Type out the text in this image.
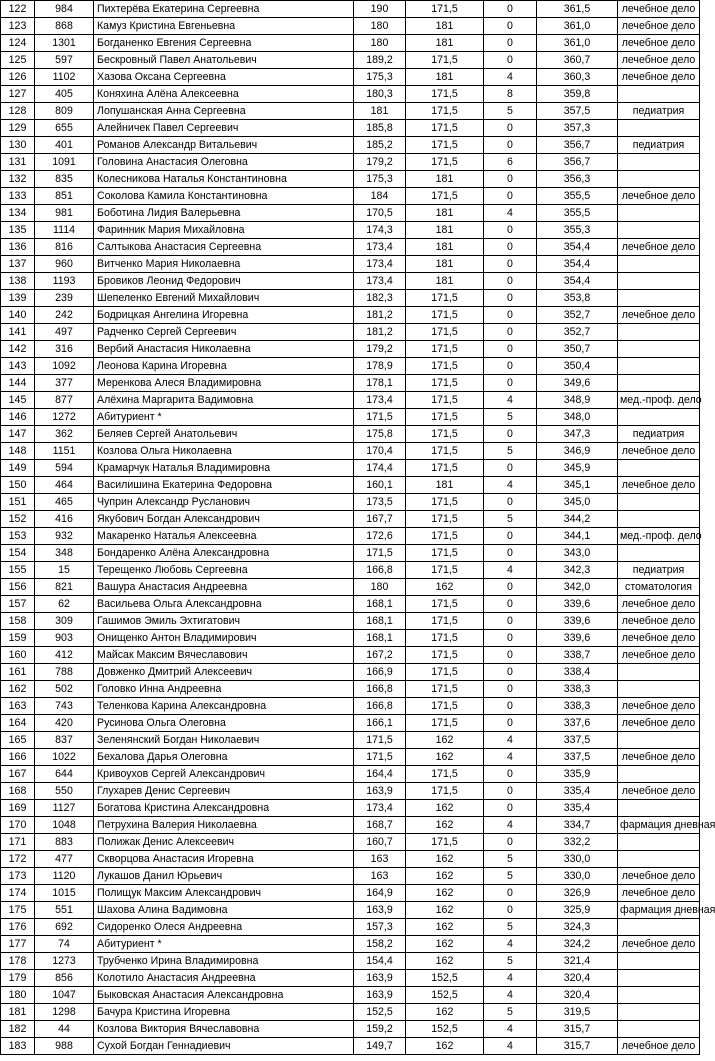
122	984	Пихтерёва Екатерина Сергеевна	190	171,5	0	361,5	лечебное дело
123	868	Камуз Кристина Евгеньевна	180	181	0	361,0	лечебное дело
124	1301	Богданенко Евгения Сергеевна	180	181	0	361,0	лечебное дело
125	597	Бескровный Павел Анатольевич	189,2	171,5	0	360,7	лечебное дело
126	1102	Хазова Оксана Сергеевна	175,3	181	4	360,3	лечебное дело
127	405	Коняхина Алёна Алексеевна	180,3	171,5	8	359,8	
128	809	Лопушанская Анна Сергеевна	181	171,5	5	357,5	педиатрия
129	655	Алейничек Павел Сергеевич	185,8	171,5	0	357,3	
130	401	Романов Александр Витальевич	185,2	171,5	0	356,7	педиатрия
131	1091	Головина Анастасия Олеговна	179,2	171,5	6	356,7	
132	835	Колесникова Наталья Константиновна	175,3	181	0	356,3	
133	851	Соколова Камила Константиновна	184	171,5	0	355,5	лечебное дело
134	981	Боботина Лидия Валерьевна	170,5	181	4	355,5	
135	1114	Фаринник Мария Михайловна	174,3	181	0	355,3	
136	816	Салтыкова Анастасия Сергеевна	173,4	181	0	354,4	лечебное дело
137	960	Витченко Мария Николаевна	173,4	181	0	354,4	
138	1193	Бровиков Леонид Федорович	173,4	181	0	354,4	
139	239	Шепеленко Евгений Михайлович	182,3	171,5	0	353,8	
140	242	Бодрицкая Ангелина Игоревна	181,2	171,5	0	352,7	лечебное дело
141	497	Радченко Сергей Сергеевич	181,2	171,5	0	352,7	
142	316	Вербий Анастасия Николаевна	179,2	171,5	0	350,7	
143	1092	Леонова Карина Игоревна	178,9	171,5	0	350,4	
144	377	Меренкова Алеся Владимировна	178,1	171,5	0	349,6	
145	877	Алёхина Маргарита Вадимовна	173,4	171,5	4	348,9	мед.-проф. дело
146	1272	Абитуриент *	171,5	171,5	5	348,0	
147	362	Беляев Сергей Анатольевич	175,8	171,5	0	347,3	педиатрия
148	1151	Козлова Ольга Николаевна	170,4	171,5	5	346,9	лечебное дело
149	594	Крамарчук Наталья Владимировна	174,4	171,5	0	345,9	
150	464	Василишина Екатерина Федоровна	160,1	181	4	345,1	лечебное дело
151	465	Чуприн Александр Русланович	173,5	171,5	0	345,0	
152	416	Якубович Богдан Александрович	167,7	171,5	5	344,2	
153	932	Макаренко Наталья Алексеевна	172,6	171,5	0	344,1	мед.-проф. дело
154	348	Бондаренко Алёна Александровна	171,5	171,5	0	343,0	
155	15	Терещенко Любовь Сергеевна	166,8	171,5	4	342,3	педиатрия
156	821	Вашура Анастасия Андреевна	180	162	0	342,0	стоматология
157	62	Васильева Ольга Александровна	168,1	171,5	0	339,6	лечебное дело
158	309	Гашимов Эмиль Эхтигатович	168,1	171,5	0	339,6	лечебное дело
159	903	Онищенко Антон Владимирович	168,1	171,5	0	339,6	лечебное дело
160	412	Майсак Максим Вячеславович	167,2	171,5	0	338,7	лечебное дело
161	788	Довженко Дмитрий Алексеевич	166,9	171,5	0	338,4	
162	502	Головко Инна Андреевна	166,8	171,5	0	338,3	
163	743	Теленкова Карина Александровна	166,8	171,5	0	338,3	лечебное дело
164	420	Русинова Ольга Олеговна	166,1	171,5	0	337,6	лечебное дело
165	837	Зеленянский Богдан Николаевич	171,5	162	4	337,5	
166	1022	Бехалова Дарья Олеговна	171,5	162	4	337,5	лечебное дело
167	644	Кривоухов Сергей Александрович	164,4	171,5	0	335,9	
168	550	Глухарев Денис Сергеевич	163,9	171,5	0	335,4	лечебное дело
169	1127	Богатова Кристина Александровна	173,4	162	0	335,4	
170	1048	Петрухина Валерия Николаевна	168,7	162	4	334,7	фармация дневная
171	883	Полижак Денис Алексеевич	160,7	171,5	0	332,2	
172	477	Скворцова Анастасия Игоревна	163	162	5	330,0	
173	1120	Лукашов Данил Юрьевич	163	162	5	330,0	лечебное дело
174	1015	Полищук Максим Александрович	164,9	162	0	326,9	лечебное дело
175	551	Шахова Алина Вадимовна	163,9	162	0	325,9	фармация дневная
176	692	Сидоренко Олеся Андреевна	157,3	162	5	324,3	
177	74	Абитуриент *	158,2	162	4	324,2	лечебное дело
178	1273	Трубченко Ирина Владимировна	154,4	162	5	321,4	
179	856	Колотило Анастасия Андреевна	163,9	152,5	4	320,4	
180	1047	Быковская Анастасия Александровна	163,9	152,5	4	320,4	
181	1298	Бачура Кристина Игоревна	152,5	162	5	319,5	
182	44	Козлова Виктория Вячеславовна	159,2	152,5	4	315,7	
183	988	Сухой Богдан Геннадиевич	149,7	162	4	315,7	лечебное дело
